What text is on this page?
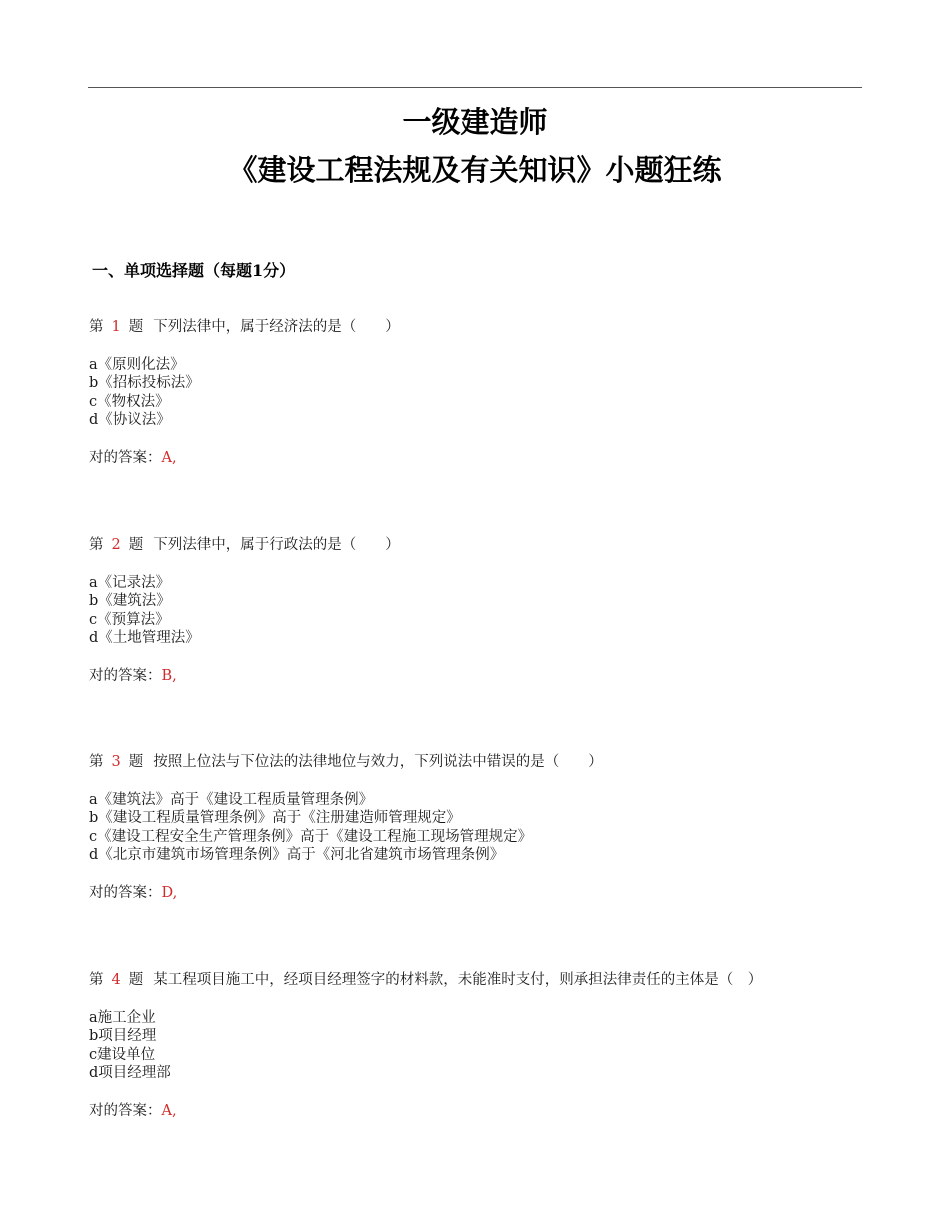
一级建造师
《建设工程法规及有关知识》小题狂练
一、单项选择题（每题1分）
第 1 题 下列法律中，属于经济法的是（　　）
a《原则化法》
b《招标投标法》
c《物权法》
d《协议法》
对的答案：A,
第 2 题 下列法律中，属于行政法的是（　　）
a《记录法》
b《建筑法》
c《预算法》
d《土地管理法》
对的答案：B,
第 3 题 按照上位法与下位法的法律地位与效力，下列说法中错误的是（　　）
a《建筑法》高于《建设工程质量管理条例》
b《建设工程质量管理条例》高于《注册建造师管理规定》
c《建设工程安全生产管理条例》高于《建设工程施工现场管理规定》
d《北京市建筑市场管理条例》高于《河北省建筑市场管理条例》
对的答案：D,
第 4 题 某工程项目施工中，经项目经理签字的材料款，未能准时支付，则承担法律责任的主体是（　）
a施工企业
b项目经理
c建设单位
d项目经理部
对的答案：A,
